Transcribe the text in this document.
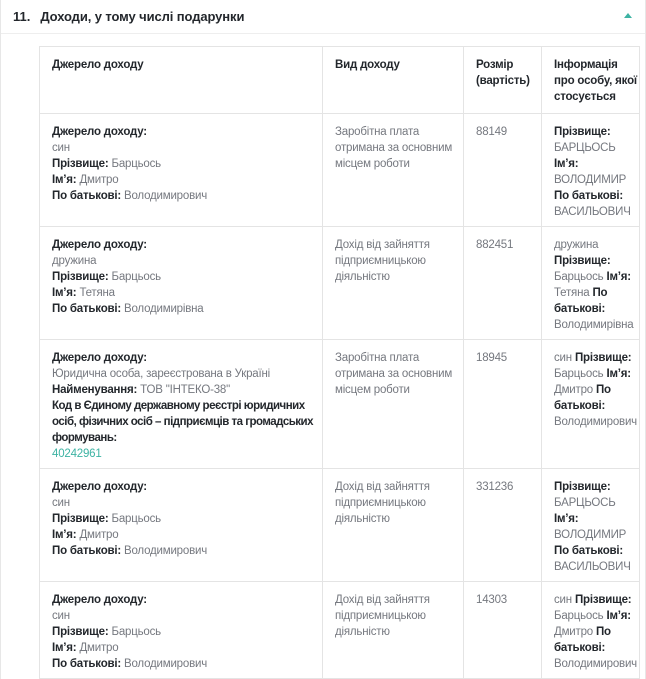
11. Доходи, у тому числі подарунки
Джерело доходу	Вид доходу	Розмір (вартість)	Інформація про особу, якої стосується

Джерело доходу:
син
Прізвище: Барцьось
Ім’я: Дмитро
По батькові: Володимирович	Заробітна плата отримана за основним місцем роботи	88149	Прізвище: БАРЦЬОСЬ Ім’я: ВОЛОДИМИР По батькові: ВАСИЛЬОВИЧ

Джерело доходу:
дружина
Прізвище: Барцьось
Ім’я: Тетяна
По батькові: Володимирівна	Дохід від зайняття підприємницькою діяльністю	882451	дружина Прізвище: Барцьось Ім’я: Тетяна По батькові: Володимирівна

Джерело доходу:
Юридична особа, зареєстрована в Україні
Найменування: ТОВ "ІНТЕКО-38"
Код в Єдиному державному реєстрі юридичних осіб, фізичних осіб – підприємців та громадських формувань:
40242961	Заробітна плата отримана за основним місцем роботи	18945	син Прізвище: Барцьось Ім’я: Дмитро По батькові: Володимирович

Джерело доходу:
син
Прізвище: Барцьось
Ім’я: Дмитро
По батькові: Володимирович	Дохід від зайняття підприємницькою діяльністю	331236	Прізвище: БАРЦЬОСЬ Ім’я: ВОЛОДИМИР По батькові: ВАСИЛЬОВИЧ

Джерело доходу:
син
Прізвище: Барцьось
Ім’я: Дмитро
По батькові: Володимирович	Дохід від зайняття підприємницькою діяльністю	14303	син Прізвище: Барцьось Ім’я: Дмитро По батькові: Володимирович
